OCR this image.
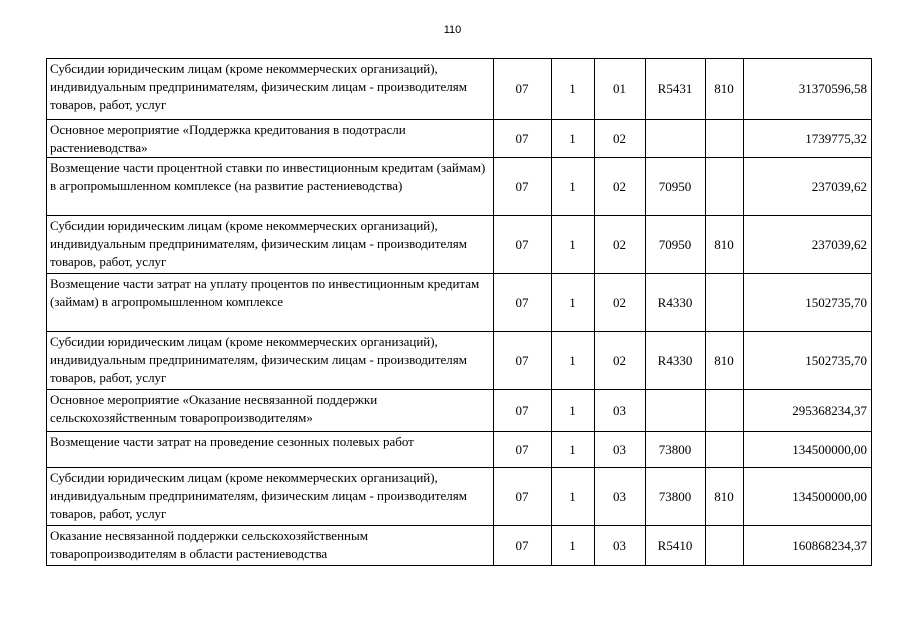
110
Субсидии юридическим лицам (кроме некоммерческих организаций), индивидуальным предпринимателям, физическим лицам - производителям товаров, работ, услуг	07	1	01	R5431	810	31370596,58
Основное мероприятие «Поддержка кредитования в подотрасли растениеводства»	07	1	02			1739775,32
Возмещение части процентной ставки по инвестиционным кредитам (займам) в агропромышленном комплексе (на развитие растениеводства)	07	1	02	70950		237039,62
Субсидии юридическим лицам (кроме некоммерческих организаций), индивидуальным предпринимателям, физическим лицам - производителям товаров, работ, услуг	07	1	02	70950	810	237039,62
Возмещение части затрат на уплату процентов по инвестиционным кредитам (займам) в агропромышленном комплексе	07	1	02	R4330		1502735,70
Субсидии юридическим лицам (кроме некоммерческих организаций), индивидуальным предпринимателям, физическим лицам - производителям товаров, работ, услуг	07	1	02	R4330	810	1502735,70
Основное мероприятие «Оказание несвязанной поддержки сельскохозяйственным товаропроизводителям»	07	1	03			295368234,37
Возмещение части затрат на проведение сезонных полевых работ	07	1	03	73800		134500000,00
Субсидии юридическим лицам (кроме некоммерческих организаций), индивидуальным предпринимателям, физическим лицам - производителям товаров, работ, услуг	07	1	03	73800	810	134500000,00
Оказание несвязанной поддержки сельскохозяйственным товаропроизводителям в области растениеводства	07	1	03	R5410		160868234,37
